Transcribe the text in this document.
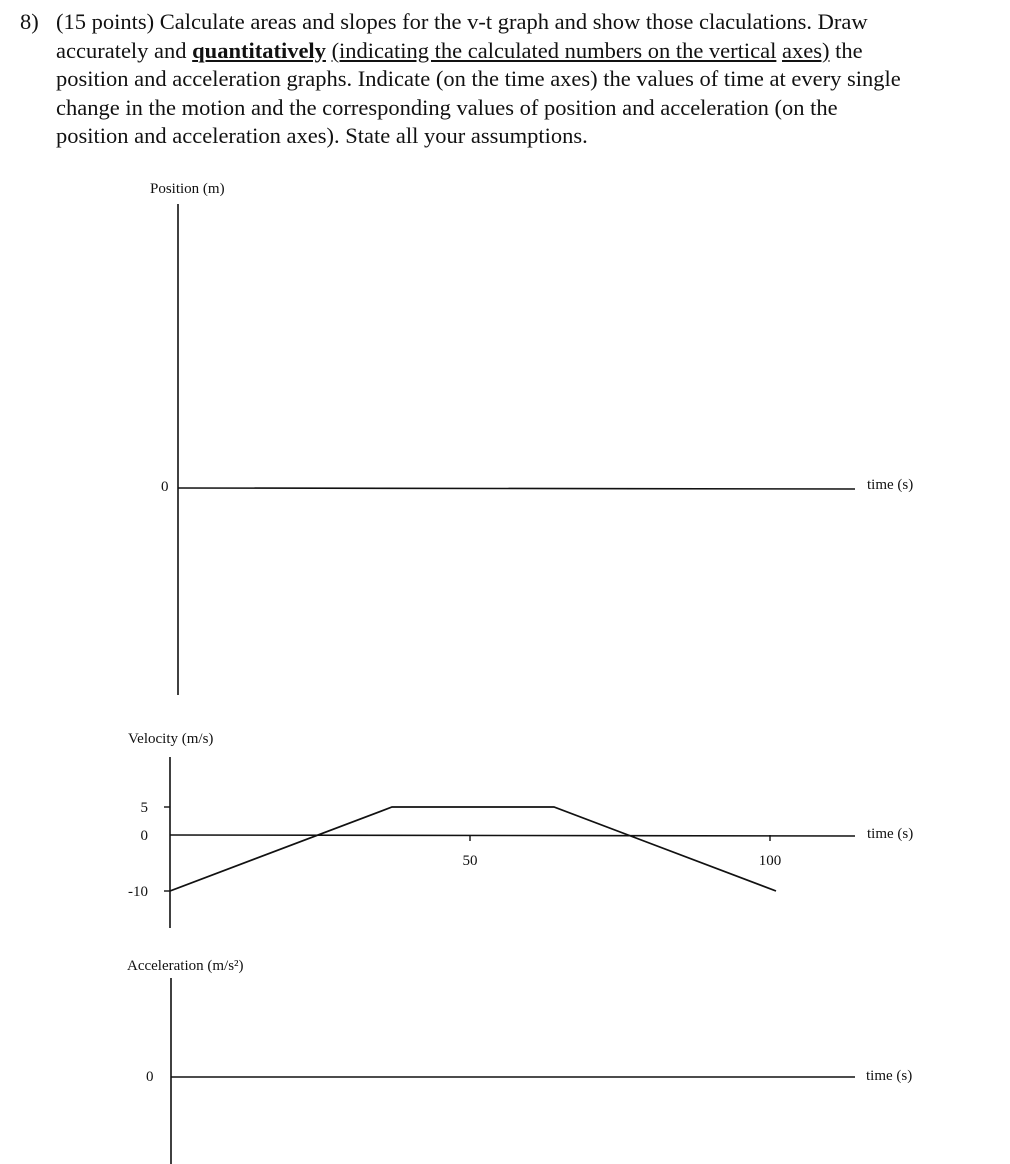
8) (15 points) Calculate areas and slopes for the v-t graph and show those claculations. Draw accurately and quantitatively (indicating the calculated numbers on the vertical axes) the position and acceleration graphs. Indicate (on the time axes) the values of time at every single change in the motion and the corresponding values of position and acceleration (on the position and acceleration axes). State all your assumptions.
Position (m)
0	time (s)
Velocity (m/s)
time (s)
5
0
-10
50	100
Acceleration (m/s²)
0	time (s)
